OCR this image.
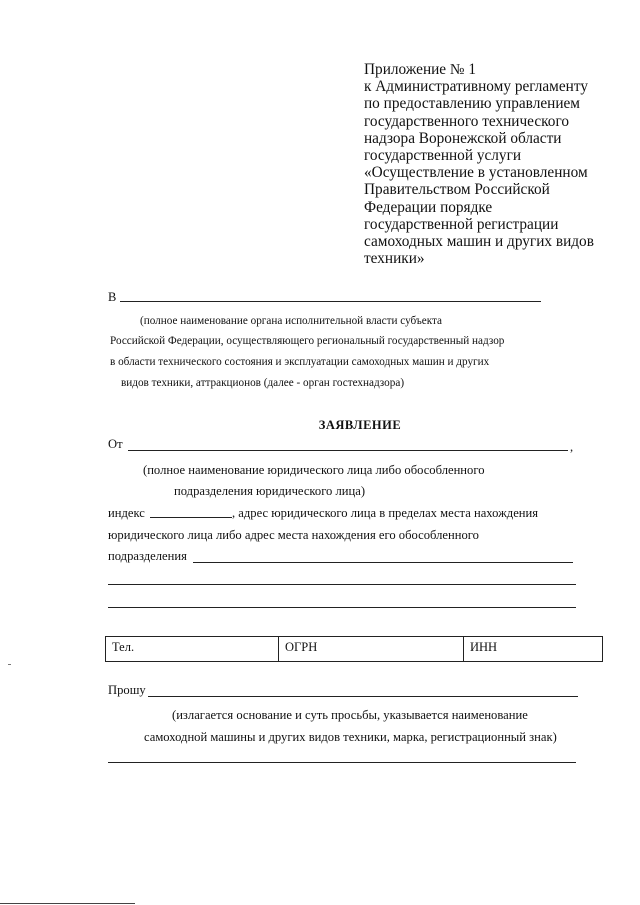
Приложение № 1
к Административному регламенту
по предоставлению управлением
государственного технического
надзора Воронежской области
государственной услуги
«Осуществление в установленном
Правительством Российской
Федерации порядке
государственной регистрации
самоходных машин и других видов
техники»
В
(полное наименование органа исполнительной власти субъекта
Российской Федерации, осуществляющего региональный государственный надзор
в области технического состояния и эксплуатации самоходных машин и других
видов техники, аттракционов (далее - орган гостехнадзора)
ЗАЯВЛЕНИЕ
От	,
(полное наименование юридического лица либо обособленного
подразделения юридического лица)
индекс	, адрес юридического лица в пределах места нахождения
юридического лица либо адрес места нахождения его обособленного
подразделения
Тел.	ОГРН	ИНН
Прошу
(излагается основание и суть просьбы, указывается наименование
самоходной машины и других видов техники, марка, регистрационный знак)
